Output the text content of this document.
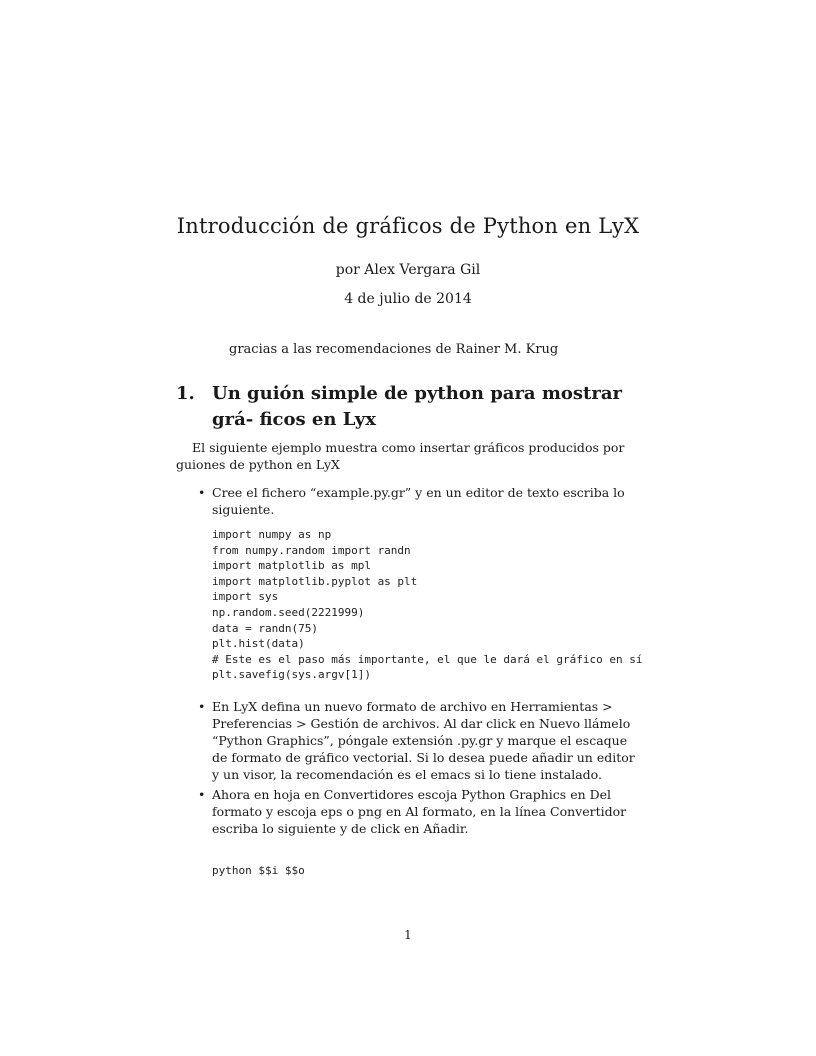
Introducción de gráficos de Python en LyX
por Alex Vergara Gil
4 de julio de 2014
gracias a las recomendaciones de Rainer M. Krug
1. Un guión simple de python para mostrar grá- ficos en Lyx
El siguiente ejemplo muestra como insertar gráficos producidos por guiones de python en LyX
• Cree el fichero “example.py.gr” y en un editor de texto escriba lo siguiente.
import numpy as np
from numpy.random import randn
import matplotlib as mpl
import matplotlib.pyplot as plt
import sys
np.random.seed(2221999)
data = randn(75)
plt.hist(data)
# Este es el paso más importante, el que le dará el gráfico en sí
plt.savefig(sys.argv[1])
• En LyX defina un nuevo formato de archivo en Herramientas > Preferencias > Gestión de archivos. Al dar click en Nuevo llámelo “Python Graphics”, póngale extensión .py.gr y marque el escaque de formato de gráfico vectorial. Si lo desea puede añadir un editor y un visor, la recomendación es el emacs si lo tiene instalado.
• Ahora en hoja en Convertidores escoja Python Graphics en Del formato y escoja eps o png en Al formato, en la línea Convertidor escriba lo siguiente y de click en Añadir.
python $$i $$o
1
